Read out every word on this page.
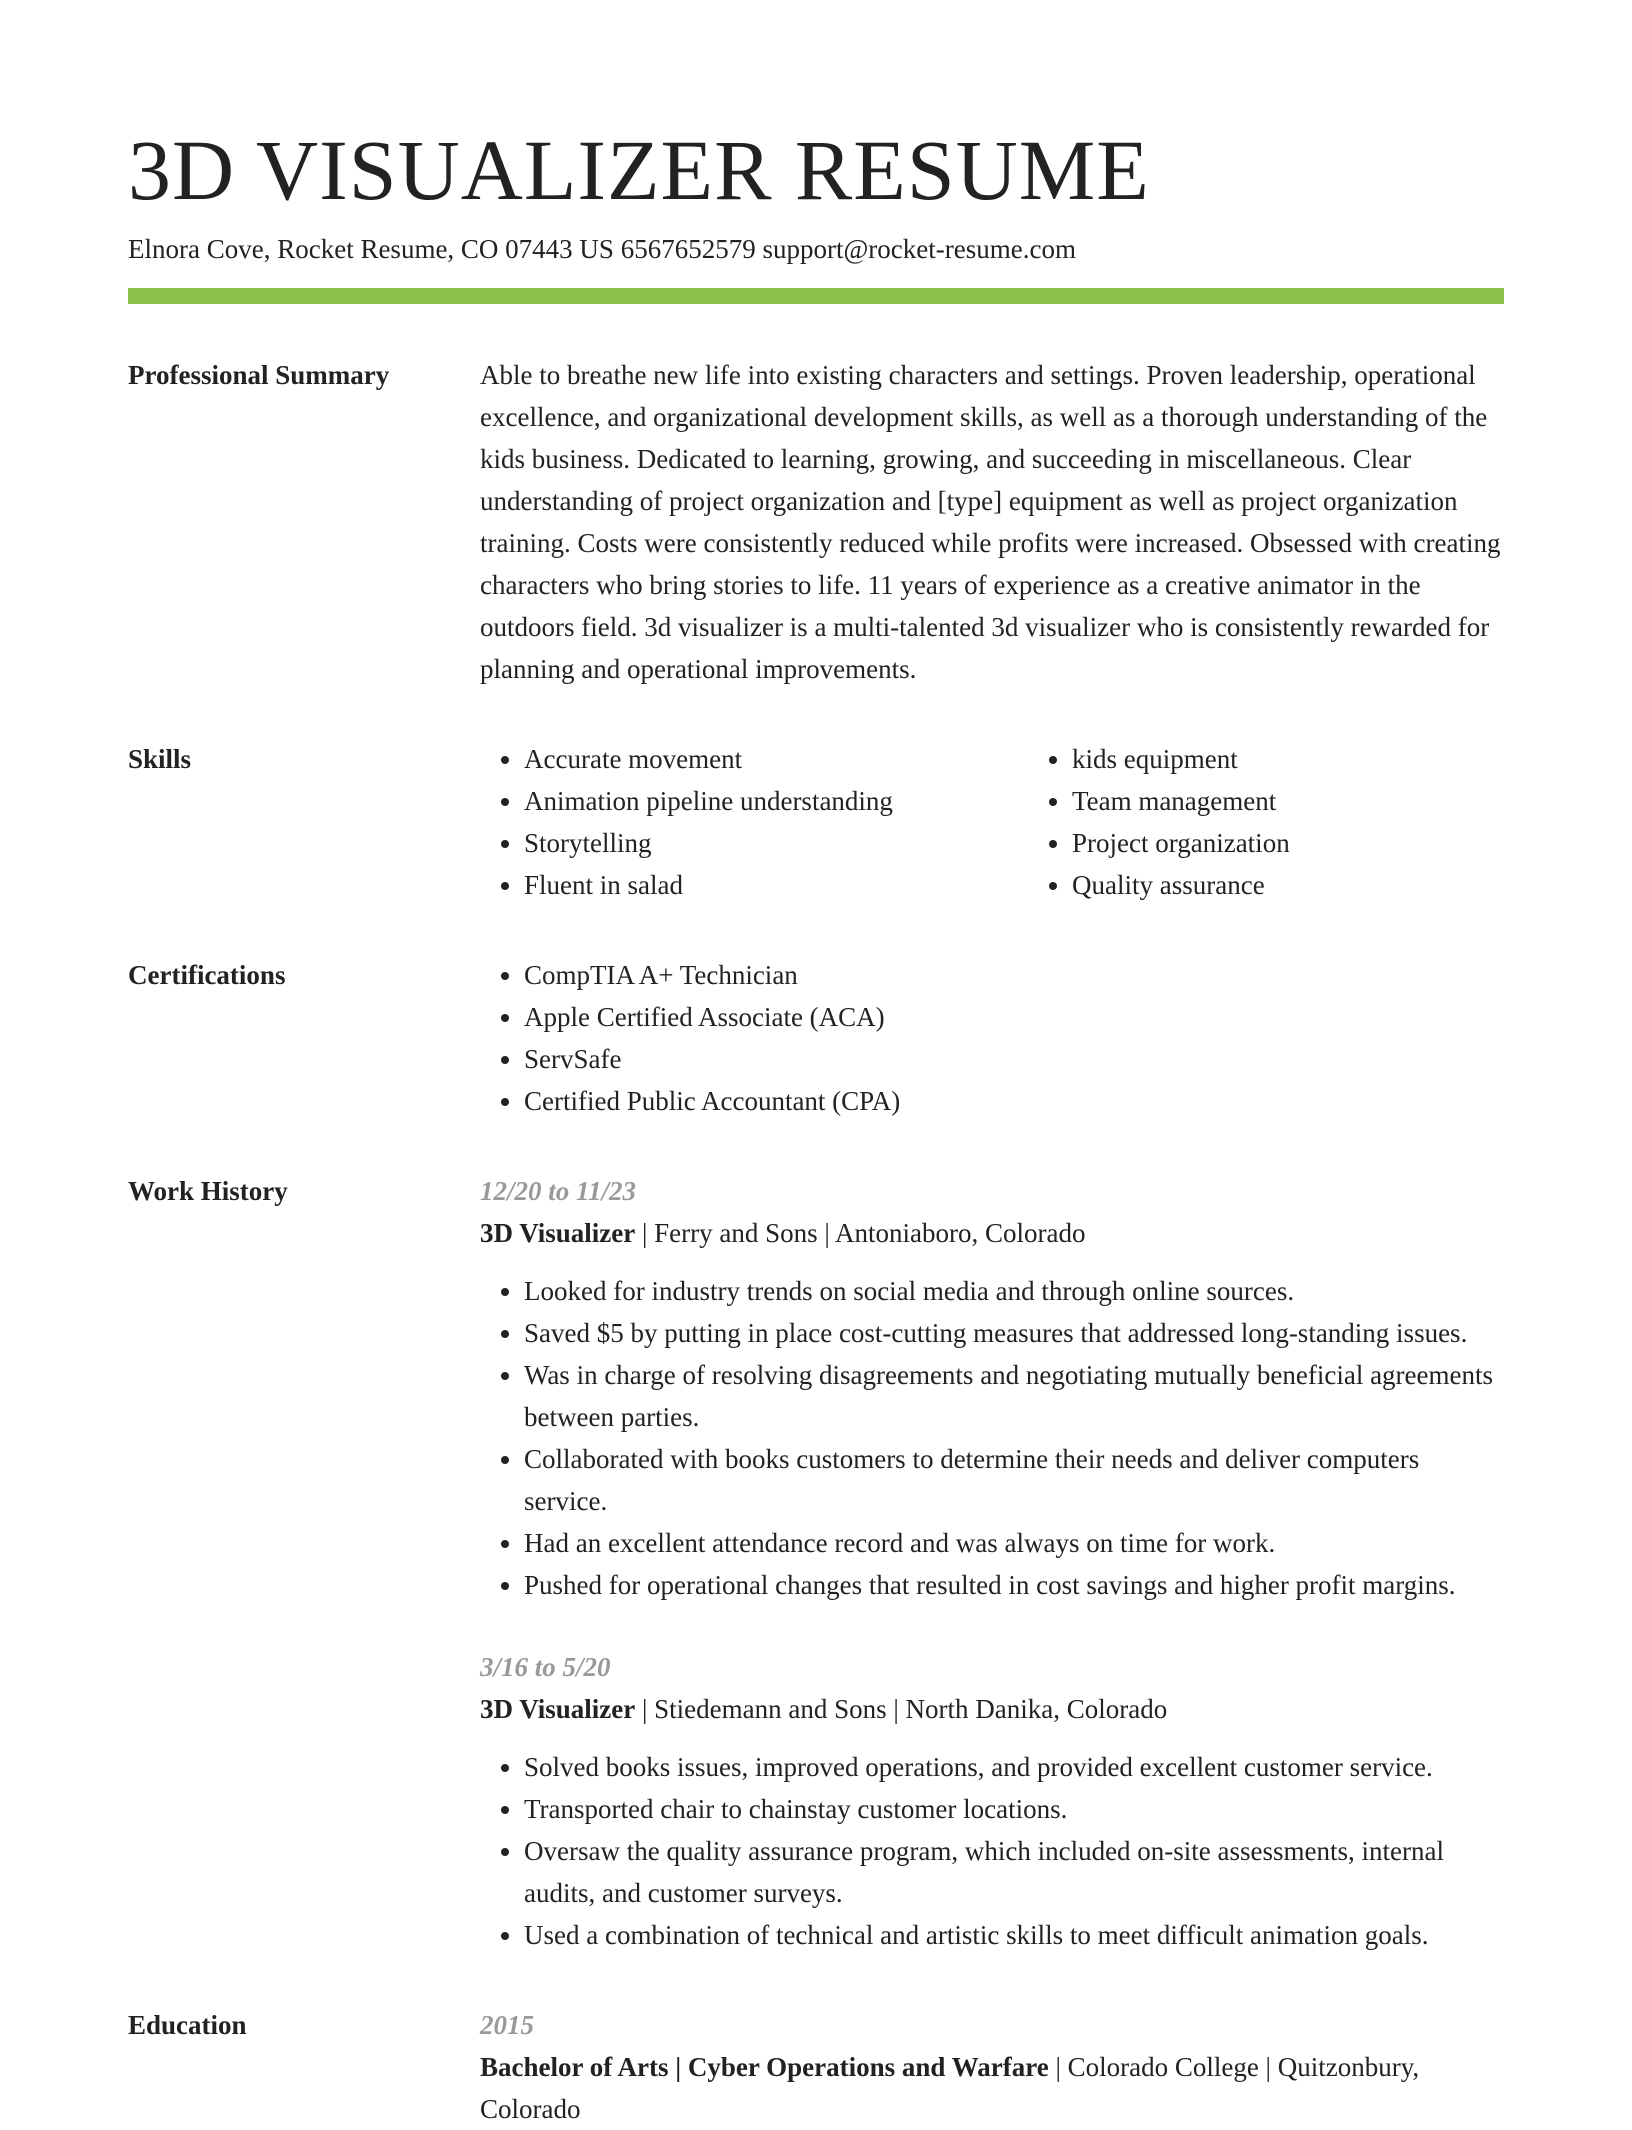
3D VISUALIZER RESUME
Elnora Cove, Rocket Resume, CO 07443 US 6567652579 support@rocket-resume.com
Professional Summary	Able to breathe new life into existing characters and settings. Proven leadership, operational excellence, and organizational development skills, as well as a thorough understanding of the kids business. Dedicated to learning, growing, and succeeding in miscellaneous. Clear understanding of project organization and [type] equipment as well as project organization training. Costs were consistently reduced while profits were increased. Obsessed with creating characters who bring stories to life. 11 years of experience as a creative animator in the outdoors field. 3d visualizer is a multi-talented 3d visualizer who is consistently rewarded for planning and operational improvements.

Skills	• Accurate movement
• Animation pipeline understanding
• Storytelling
• Fluent in salad
• kids equipment
• Team management
• Project organization
• Quality assurance
Certifications	• CompTIA A+ Technician
• Apple Certified Associate (ACA)
• ServSafe
• Certified Public Accountant (CPA)
Work History	12/20 to 11/23
3D Visualizer | Ferry and Sons | Antoniaboro, Colorado
• Looked for industry trends on social media and through online sources.
• Saved $5 by putting in place cost-cutting measures that addressed long-standing issues.
• Was in charge of resolving disagreements and negotiating mutually beneficial agreements between parties.
• Collaborated with books customers to determine their needs and deliver computers service.
• Had an excellent attendance record and was always on time for work.
• Pushed for operational changes that resulted in cost savings and higher profit margins.
3/16 to 5/20
3D Visualizer | Stiedemann and Sons | North Danika, Colorado
• Solved books issues, improved operations, and provided excellent customer service.
• Transported chair to chainstay customer locations.
• Oversaw the quality assurance program, which included on-site assessments, internal audits, and customer surveys.
• Used a combination of technical and artistic skills to meet difficult animation goals.
Education	2015
Bachelor of Arts | Cyber Operations and Warfare | Colorado College | Quitzonbury, Colorado
